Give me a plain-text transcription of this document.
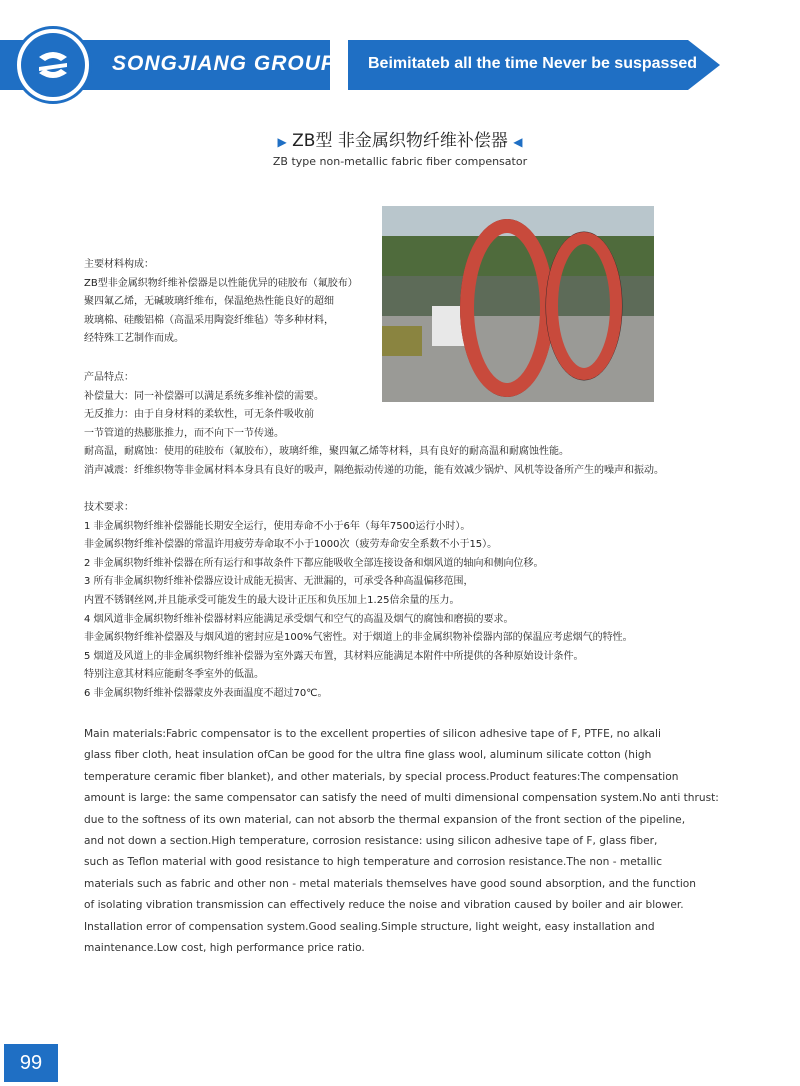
SONGJIANG GROUP Beimitateb all the time Never be suspassed
▶ ZB型 非金属织物纤维补偿器 ◀
ZB type non-metallic fabric fiber compensator

主要材料构成：

ZB型非金属织物纤维补偿器是以性能优异的硅胶布（氟胶布）

聚四氟乙烯，无碱玻璃纤维布，保温绝热性能良好的超细

玻璃棉、硅酸铝棉（高温采用陶瓷纤维毡）等多种材料，

经特殊工艺制作而成。

产品特点：

补偿量大：同一补偿器可以满足系统多维补偿的需要。

无反推力：由于自身材料的柔软性，可无条件吸收前

一节管道的热膨胀推力，而不向下一节传递。

耐高温，耐腐蚀：使用的硅胶布（氟胶布），玻璃纤维，聚四氟乙烯等材料，具有良好的耐高温和耐腐蚀性能。

消声减震：纤维织物等非金属材料本身具有良好的吸声，隔绝振动传递的功能，能有效减少锅炉、风机等设备所产生的噪声和振动。

技术要求：

1 非金属织物纤维补偿器能长期安全运行，使用寿命不小于6年（每年7500运行小时）。

非金属织物纤维补偿器的常温许用疲劳寿命取不小于1000次（疲劳寿命安全系数不小于15）。

2 非金属织物纤维补偿器在所有运行和事故条件下都应能吸收全部连接设备和烟风道的轴向和侧向位移。

3 所有非金属织物纤维补偿器应设计成能无损害、无泄漏的，可承受各种高温偏移范围，

内置不锈钢丝网,并且能承受可能发生的最大设计正压和负压加上1.25倍余量的压力。

4 烟风道非金属织物纤维补偿器材料应能满足承受烟气和空气的高温及烟气的腐蚀和磨损的要求。

非金属织物纤维补偿器及与烟风道的密封应是100%气密性。对于烟道上的非金属织物补偿器内部的保温应考虑烟气的特性。

5 烟道及风道上的非金属织物纤维补偿器为室外露天布置，其材料应能满足本附件中所提供的各种原始设计条件。

特别注意其材料应能耐冬季室外的低温。

6 非金属织物纤维补偿器蒙皮外表面温度不超过70℃。

Main materials:Fabric compensator is to the excellent properties of silicon adhesive tape of F, PTFE, no alkali

glass fiber cloth, heat insulation ofCan be good for the ultra fine glass wool, aluminum silicate cotton (high

temperature ceramic fiber blanket), and other materials, by special process.Product features:The compensation

amount is large: the same compensator can satisfy the need of multi dimensional compensation system.No anti thrust:

due to the softness of its own material, can not absorb the thermal expansion of the front section of the pipeline,

and not down a section.High temperature, corrosion resistance: using silicon adhesive tape of F, glass fiber,

such as Teflon material with good resistance to high temperature and corrosion resistance.The non - metallic

materials such as fabric and other non - metal materials themselves have good sound absorption, and the function

of isolating vibration transmission can effectively reduce the noise and vibration caused by boiler and air blower.

Installation error of compensation system.Good sealing.Simple structure, light weight, easy installation and

maintenance.Low cost, high performance price ratio.

99
